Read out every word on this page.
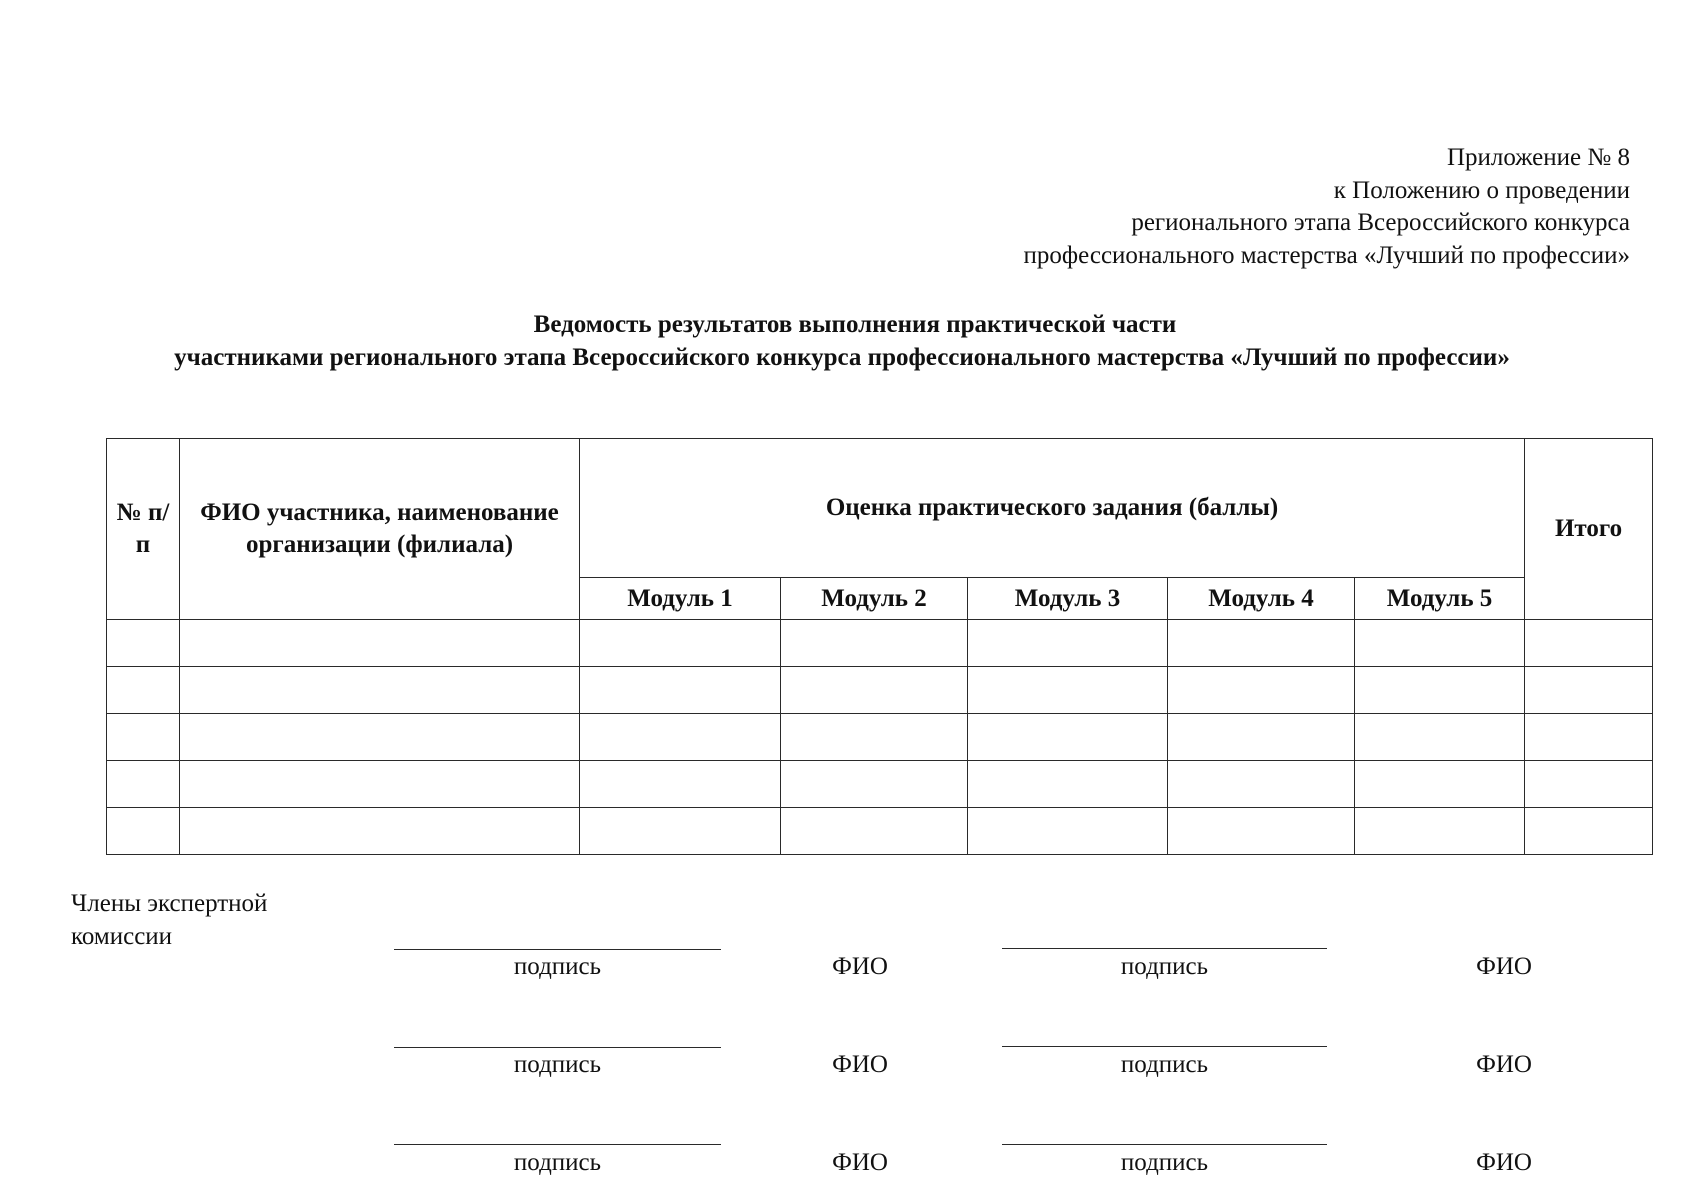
Приложение № 8
к Положению о проведении
регионального этапа Всероссийского конкурса
профессионального мастерства «Лучший по профессии»
Ведомость результатов выполнения практической части
участниками регионального этапа Всероссийского конкурса профессионального мастерства «Лучший по профессии»
№ п/п	ФИО участника, наименование организации (филиала)	Оценка практического задания (баллы)					Итого
		Модуль 1	Модуль 2	Модуль 3	Модуль 4	Модуль 5	

Члены экспертной комиссии
подпись	ФИО	подпись	ФИО
подпись	ФИО	подпись	ФИО
подпись	ФИО	подпись	ФИО
